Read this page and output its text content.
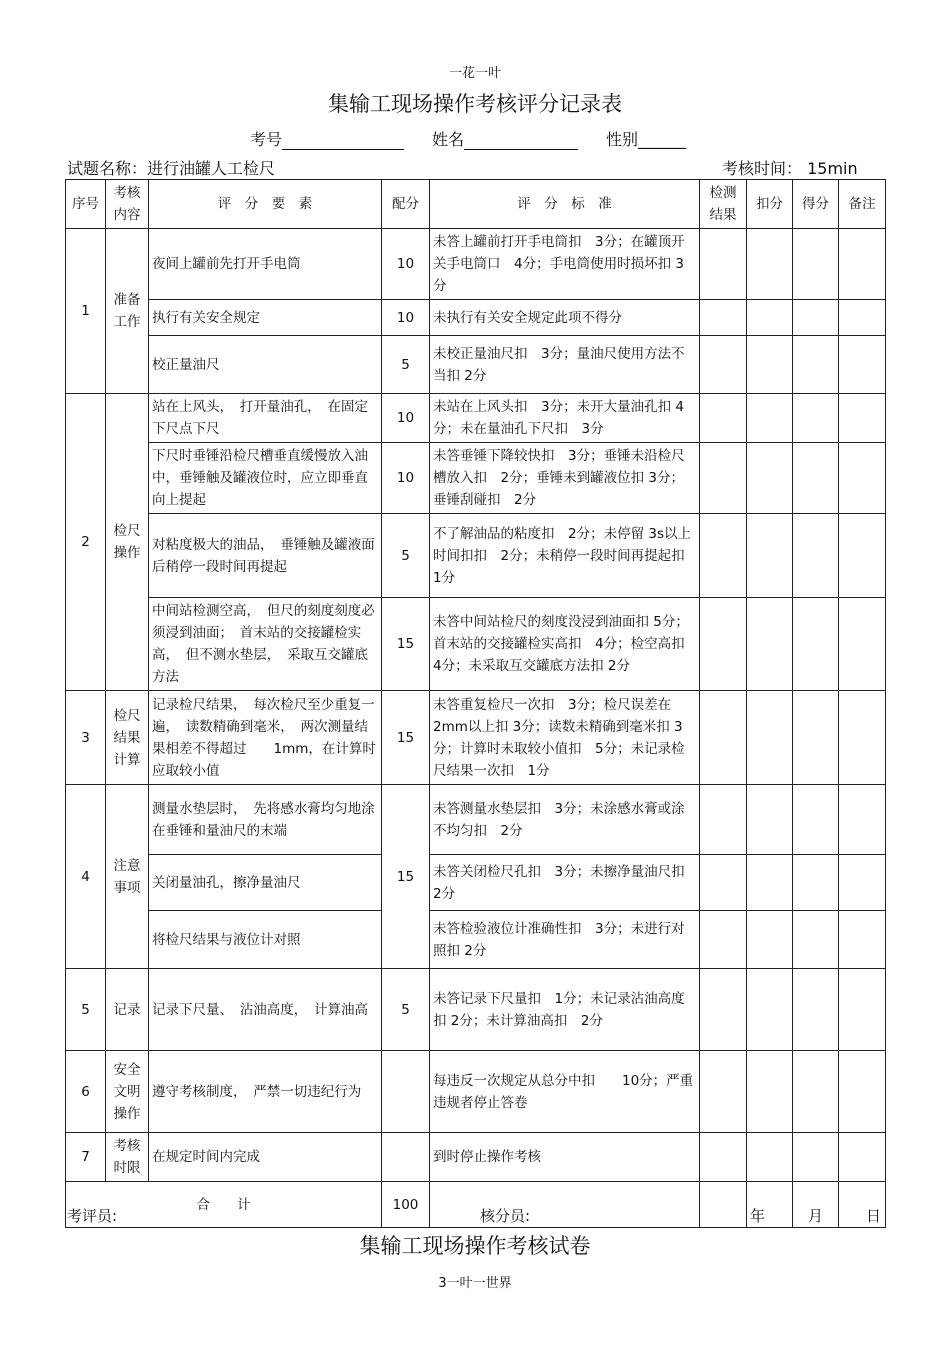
一花一叶
集输工现场操作考核评分记录表
考号	姓名	性别______
试题名称：进行油罐人工检尺	考核时间： 15min
序号	考核内容	评　分　要　素	配分	评　分　标　准	检测结果	扣分	得分	备注
1	准备工作	夜间上罐前先打开手电筒	10	未答上罐前打开手电筒扣　3分；在罐顶开关手电筒口　4分；手电筒使用时损坏扣 3分				
		执行有关安全规定	10	未执行有关安全规定此项不得分				
		校正量油尺	5	未校正量油尺扣　3分；量油尺使用方法不当扣 2分				
2	检尺操作	站在上风头，　打开量油孔，　在固定下尺点下尺	10	未站在上风头扣　3分；未开大量油孔扣 4分；未在量油孔下尺扣　3分				
		下尺时垂锤沿检尺槽垂直缓慢放入油中，垂锤触及罐液位时，应立即垂直向上提起	10	未答垂锤下降较快扣　3分；垂锤未沿检尺槽放入扣　2分；垂锤未到罐液位扣 3分；垂锤刮碰扣　2分				
		对粘度极大的油品，　垂锤触及罐液面后稍停一段时间再提起	5	不了解油品的粘度扣　2分；未停留 3s以上时间扣扣　2分；未稍停一段时间再提起扣 1分				
		中间站检测空高，　但尺的刻度刻度必须浸到油面；　首末站的交接罐检实高，　但不测水垫层，　采取互交罐底方法	15	未答中间站检尺的刻度没浸到油面扣 5分；首末站的交接罐检实高扣　4分；检空高扣　4分；未采取互交罐底方法扣 2分				
3	检尺结果计算	记录检尺结果，　每次检尺至少重复一遍，　读数精确到毫米，　两次测量结果相差不得超过　　1mm，在计算时应取较小值	15	未答重复检尺一次扣　3分；检尺误差在 2mm以上扣 3分；读数未精确到毫米扣 3分；计算时未取较小值扣　5分；未记录检尺结果一次扣　1分				
4	注意事项	测量水垫层时，　先将感水膏均匀地涂在垂锤和量油尺的末端	15	未答测量水垫层扣　3分；未涂感水膏或涂不均匀扣　2分				
		关闭量油孔，擦净量油尺		未答关闭检尺孔扣　3分；未擦净量油尺扣 2分				
		将检尺结果与液位计对照		未答检验液位计准确性扣　3分；未进行对照扣 2分				
5	记录	记录下尺量、　沾油高度，　计算油高	5	未答记录下尺量扣　1分；未记录沾油高度扣 2分；未计算油高扣　2分				
6	安全文明操作	遵守考核制度，　严禁一切违纪行为		每违反一次规定从总分中扣　　10分；严重违规者停止答卷				
7	考核时限	在规定时间内完成		到时停止操作考核				
合　　计			100					
考评员:	核分员:	年	月	日
集输工现场操作考核试卷
3一叶一世界
